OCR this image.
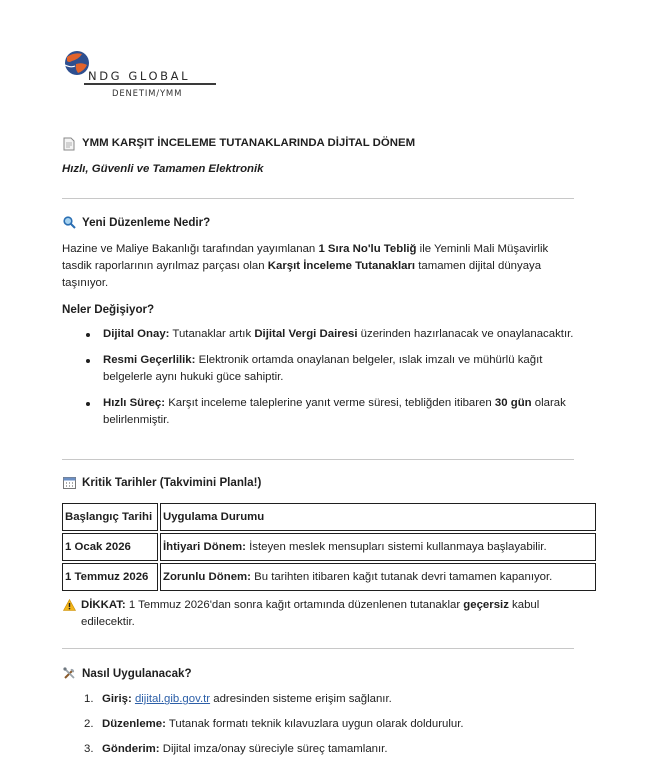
NDG GLOBAL
DENETIM/YMM
YMM KARŞIT İNCELEME TUTANAKLARINDA DİJİTAL DÖNEM
Hızlı, Güvenli ve Tamamen Elektronik
Yeni Düzenleme Nedir?

Hazine ve Maliye Bakanlığı tarafından yayımlanan 1 Sıra No'lu Tebliğ ile Yeminli Mali Müşavirlik tasdik raporlarının ayrılmaz parçası olan Karşıt İnceleme Tutanakları tamamen dijital dünyaya taşınıyor.

Neler Değişiyor?
Dijital Onay: Tutanaklar artık Dijital Vergi Dairesi üzerinden hazırlanacak ve onaylanacaktır.
Resmi Geçerlilik: Elektronik ortamda onaylanan belgeler, ıslak imzalı ve mühürlü kağıt belgelerle aynı hukuki güce sahiptir.
Hızlı Süreç: Karşıt inceleme taleplerine yanıt verme süresi, tebliğden itibaren 30 gün olarak belirlenmiştir.
Kritik Tarihler (Takvimini Planla!)
Başlangıç Tarihi	Uygulama Durumu
1 Ocak 2026	İhtiyari Dönem: İsteyen meslek mensupları sistemi kullanmaya başlayabilir.
1 Temmuz 2026	Zorunlu Dönem: Bu tarihten itibaren kağıt tutanak devri tamamen kapanıyor.
DİKKAT: 1 Temmuz 2026'dan sonra kağıt ortamında düzenlenen tutanaklar geçersiz kabul edilecektir.
Nasıl Uygulanacak?
1. Giriş: dijital.gib.gov.tr adresinden sisteme erişim sağlanır.
2. Düzenleme: Tutanak formatı teknik kılavuzlara uygun olarak doldurulur.
3. Gönderim: Dijital imza/onay süreciyle süreç tamamlanır.
